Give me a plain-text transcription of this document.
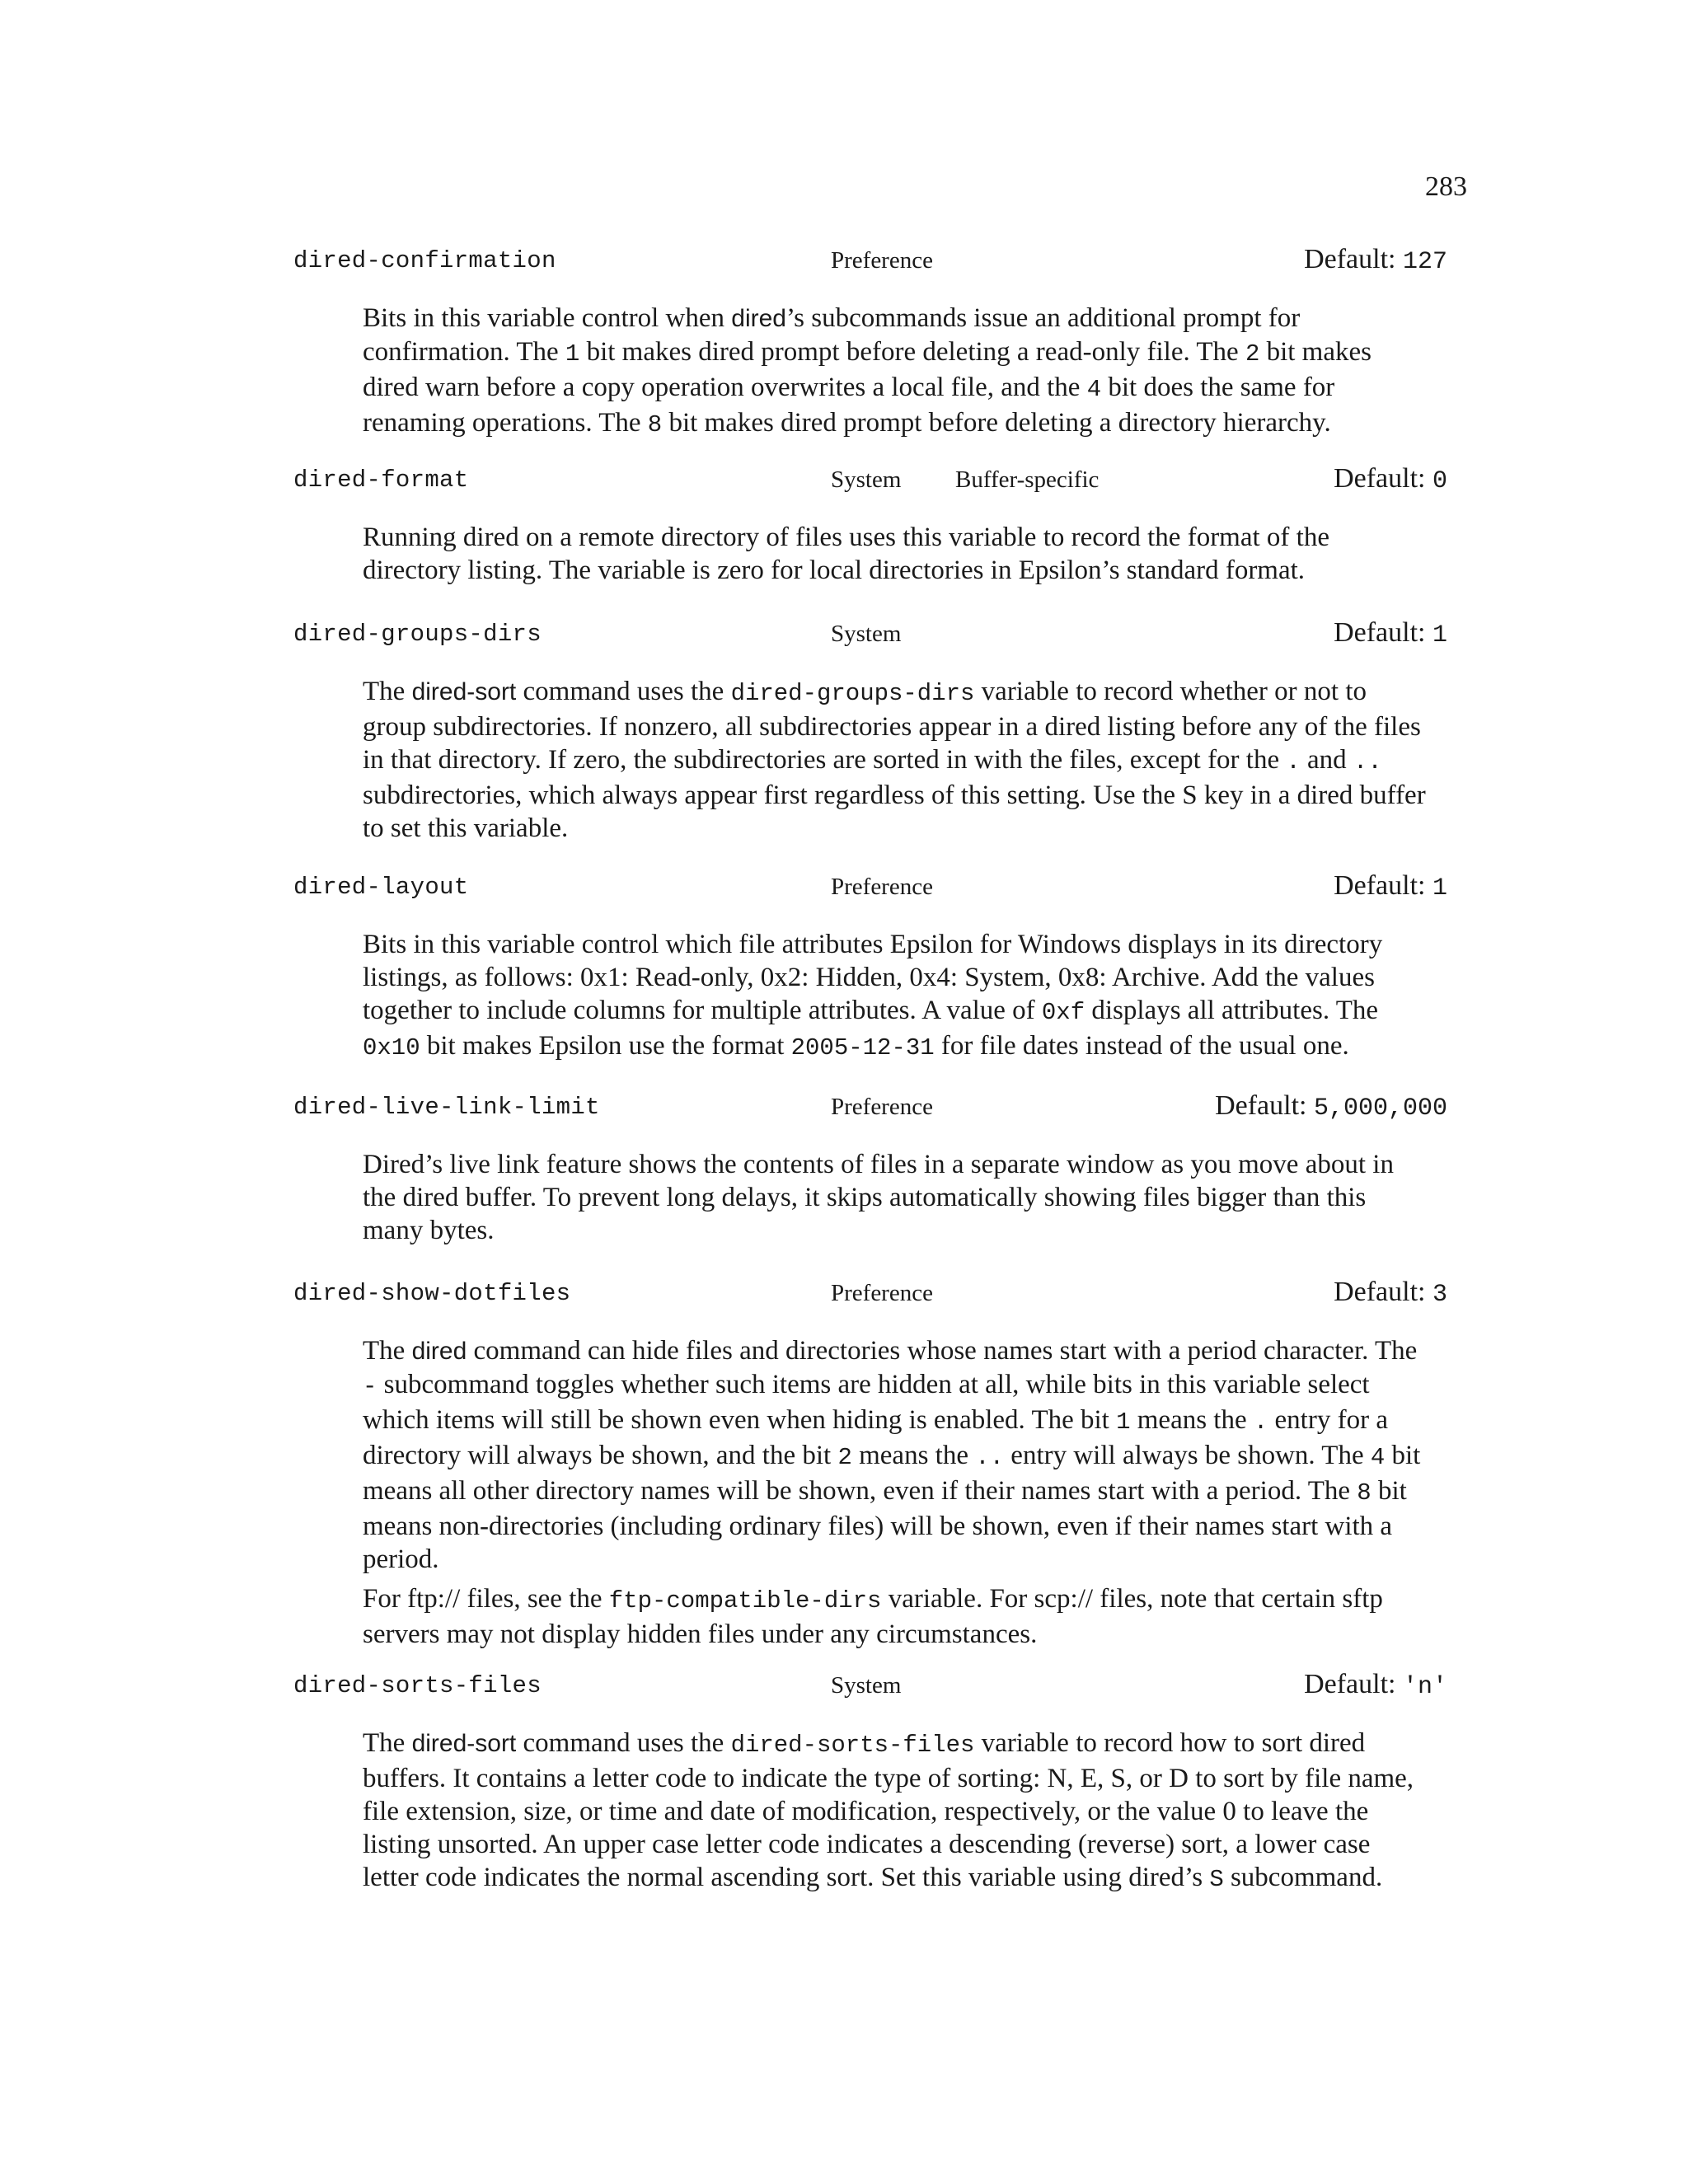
283
dired-confirmation	Preference	Default: 127

Bits in this variable control when dired’s subcommands issue an additional prompt for confirmation. The 1 bit makes dired prompt before deleting a read-only file. The 2 bit makes dired warn before a copy operation overwrites a local file, and the 4 bit does the same for renaming operations. The 8 bit makes dired prompt before deleting a directory hierarchy.

dired-format	System Buffer-specific	Default: 0

Running dired on a remote directory of files uses this variable to record the format of the directory listing. The variable is zero for local directories in Epsilon’s standard format.

dired-groups-dirs	System	Default: 1

The dired-sort command uses the dired-groups-dirs variable to record whether or not to group subdirectories. If nonzero, all subdirectories appear in a dired listing before any of the files in that directory. If zero, the subdirectories are sorted in with the files, except for the . and .. subdirectories, which always appear first regardless of this setting. Use the S key in a dired buffer to set this variable.

dired-layout	Preference	Default: 1

Bits in this variable control which file attributes Epsilon for Windows displays in its directory listings, as follows: 0x1: Read-only, 0x2: Hidden, 0x4: System, 0x8: Archive. Add the values together to include columns for multiple attributes. A value of 0xf displays all attributes. The 0x10 bit makes Epsilon use the format 2005-12-31 for file dates instead of the usual one.

dired-live-link-limit	Preference	Default: 5,000,000

Dired’s live link feature shows the contents of files in a separate window as you move about in the dired buffer. To prevent long delays, it skips automatically showing files bigger than this many bytes.

dired-show-dotfiles	Preference	Default: 3

The dired command can hide files and directories whose names start with a period character. The - subcommand toggles whether such items are hidden at all, while bits in this variable select which items will still be shown even when hiding is enabled. The bit 1 means the . entry for a directory will always be shown, and the bit 2 means the .. entry will always be shown. The 4 bit means all other directory names will be shown, even if their names start with a period. The 8 bit means non-directories (including ordinary files) will be shown, even if their names start with a period.

For ftp:// files, see the ftp-compatible-dirs variable. For scp:// files, note that certain sftp servers may not display hidden files under any circumstances.

dired-sorts-files	System	Default: 'n'

The dired-sort command uses the dired-sorts-files variable to record how to sort dired buffers. It contains a letter code to indicate the type of sorting: N, E, S, or D to sort by file name, file extension, size, or time and date of modification, respectively, or the value 0 to leave the listing unsorted. An upper case letter code indicates a descending (reverse) sort, a lower case letter code indicates the normal ascending sort. Set this variable using dired’s S subcommand.
